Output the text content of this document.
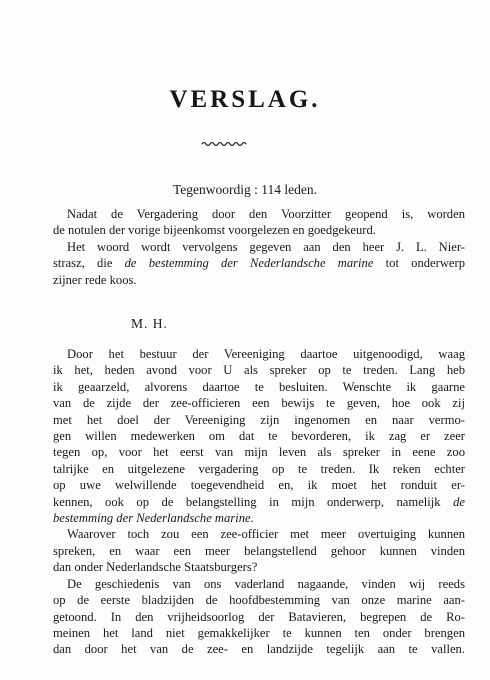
VERSLAG.
Tegenwoordig : 114 leden.
Nadat de Vergadering door den Voorzitter geopend is, worden
de notulen der vorige bijeenkomst voorgelezen en goedgekeurd.
Het woord wordt vervolgens gegeven aan den heer J. L. Nier-
strasz, die de bestemming der Nederlandsche marine tot onderwerp
zijner rede koos.
M. H.
Door het bestuur der Vereeniging daartoe uitgenoodigd, waag
ik het, heden avond voor U als spreker op te treden. Lang heb
ik geaarzeld, alvorens daartoe te besluiten. Wenschte ik gaarne
van de zijde der zee-officieren een bewijs te geven, hoe ook zij
met het doel der Vereeniging zijn ingenomen en naar vermo-
gen willen medewerken om dat te bevorderen, ik zag er zeer
tegen op, voor het eerst van mijn leven als spreker in eene zoo
talrijke en uitgelezene vergadering op te treden. Ik reken echter
op uwe welwillende toegevendheid en, ik moet het ronduit er-
kennen, ook op de belangstelling in mijn onderwerp, namelijk de
bestemming der Nederlandsche marine.
Waarover toch zou een zee-officier met meer overtuiging kunnen
spreken, en waar een meer belangstellend gehoor kunnen vinden
dan onder Nederlandsche Staatsburgers?
De geschiedenis van ons vaderland nagaande, vinden wij reeds
op de eerste bladzijden de hoofdbestemming van onze marine aan-
getoond. In den vrijheidsoorlog der Batavieren, begrepen de Ro-
meinen het land niet gemakkelijker te kunnen ten onder brengen
dan door het van de zee- en landzijde tegelijk aan te vallen.
